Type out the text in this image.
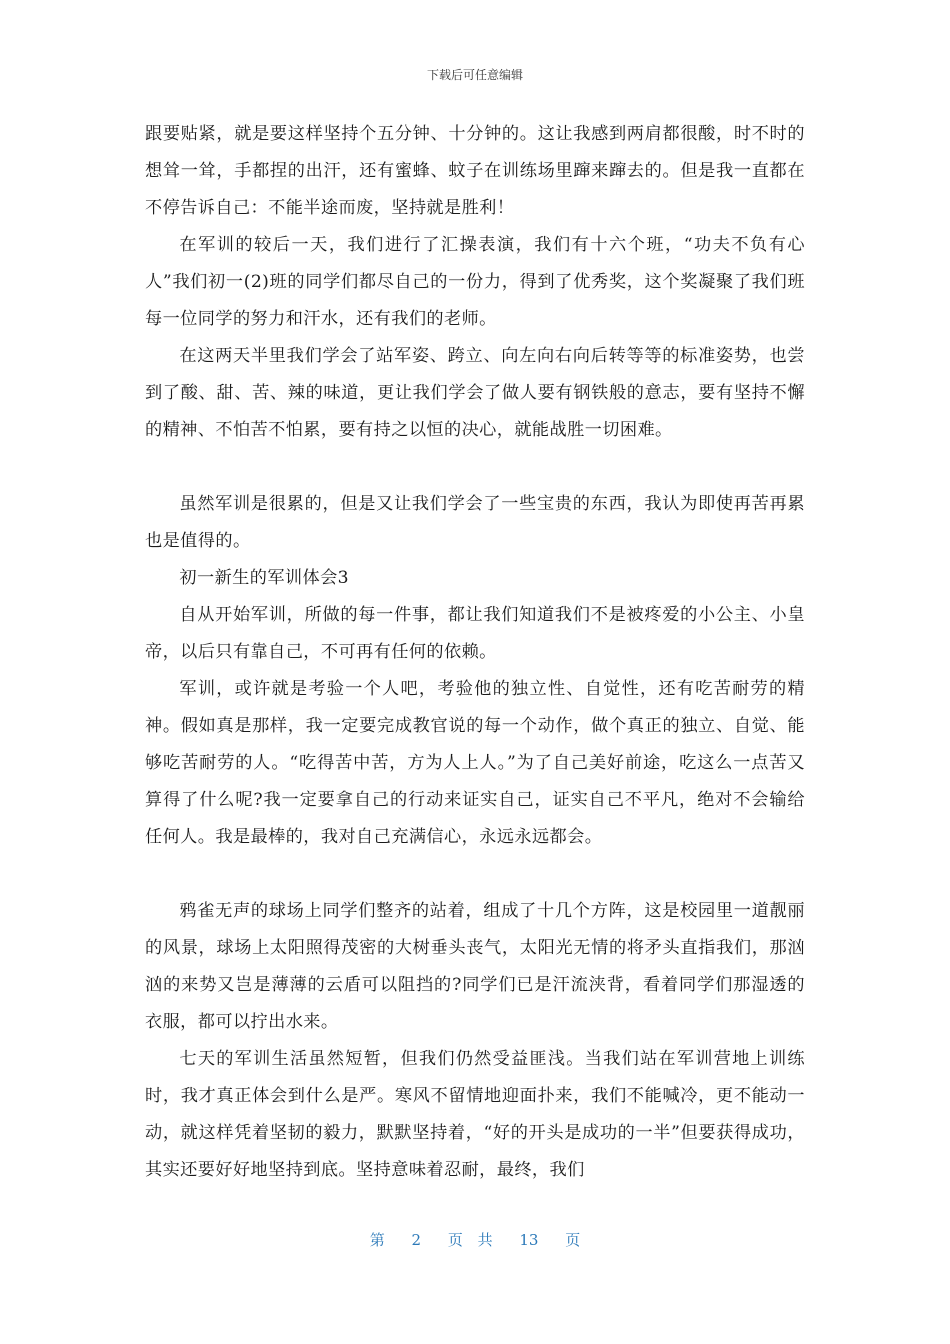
下载后可任意编辑

跟要贴紧，就是要这样坚持个五分钟、十分钟的。这让我感到两肩都很酸，时不时的想耸一耸，手都捏的出汗，还有蜜蜂、蚊子在训练场里蹿来蹿去的。但是我一直都在不停告诉自己：不能半途而废，坚持就是胜利！

在军训的较后一天，我们进行了汇操表演，我们有十六个班，“功夫不负有心人”我们初一(2)班的同学们都尽自己的一份力，得到了优秀奖，这个奖凝聚了我们班每一位同学的努力和汗水，还有我们的老师。

在这两天半里我们学会了站军姿、跨立、向左向右向后转等等的标准姿势，也尝到了酸、甜、苦、辣的味道，更让我们学会了做人要有钢铁般的意志，要有坚持不懈的精神、不怕苦不怕累，要有持之以恒的决心，就能战胜一切困难。

虽然军训是很累的，但是又让我们学会了一些宝贵的东西，我认为即使再苦再累也是值得的。

初一新生的军训体会3

自从开始军训，所做的每一件事，都让我们知道我们不是被疼爱的小公主、小皇帝，以后只有靠自己，不可再有任何的依赖。

军训，或许就是考验一个人吧，考验他的独立性、自觉性，还有吃苦耐劳的精神。假如真是那样，我一定要完成教官说的每一个动作，做个真正的独立、自觉、能够吃苦耐劳的人。“吃得苦中苦，方为人上人。”为了自己美好前途，吃这么一点苦又算得了什么呢?我一定要拿自己的行动来证实自己，证实自己不平凡，绝对不会输给任何人。我是最棒的，我对自己充满信心，永远永远都会。

鸦雀无声的球场上同学们整齐的站着，组成了十几个方阵，这是校园里一道靓丽的风景，球场上太阳照得茂密的大树垂头丧气，太阳光无情的将矛头直指我们，那汹汹的来势又岂是薄薄的云盾可以阻挡的?同学们已是汗流浃背，看着同学们那湿透的衣服，都可以拧出水来。

七天的军训生活虽然短暂，但我们仍然受益匪浅。当我们站在军训营地上训练时，我才真正体会到什么是严。寒风不留情地迎面扑来，我们不能喊冷，更不能动一动，就这样凭着坚韧的毅力，默默坚持着，“好的开头是成功的一半”但要获得成功，其实还要好好地坚持到底。坚持意味着忍耐，最终，我们

第 2 页 共 13 页
